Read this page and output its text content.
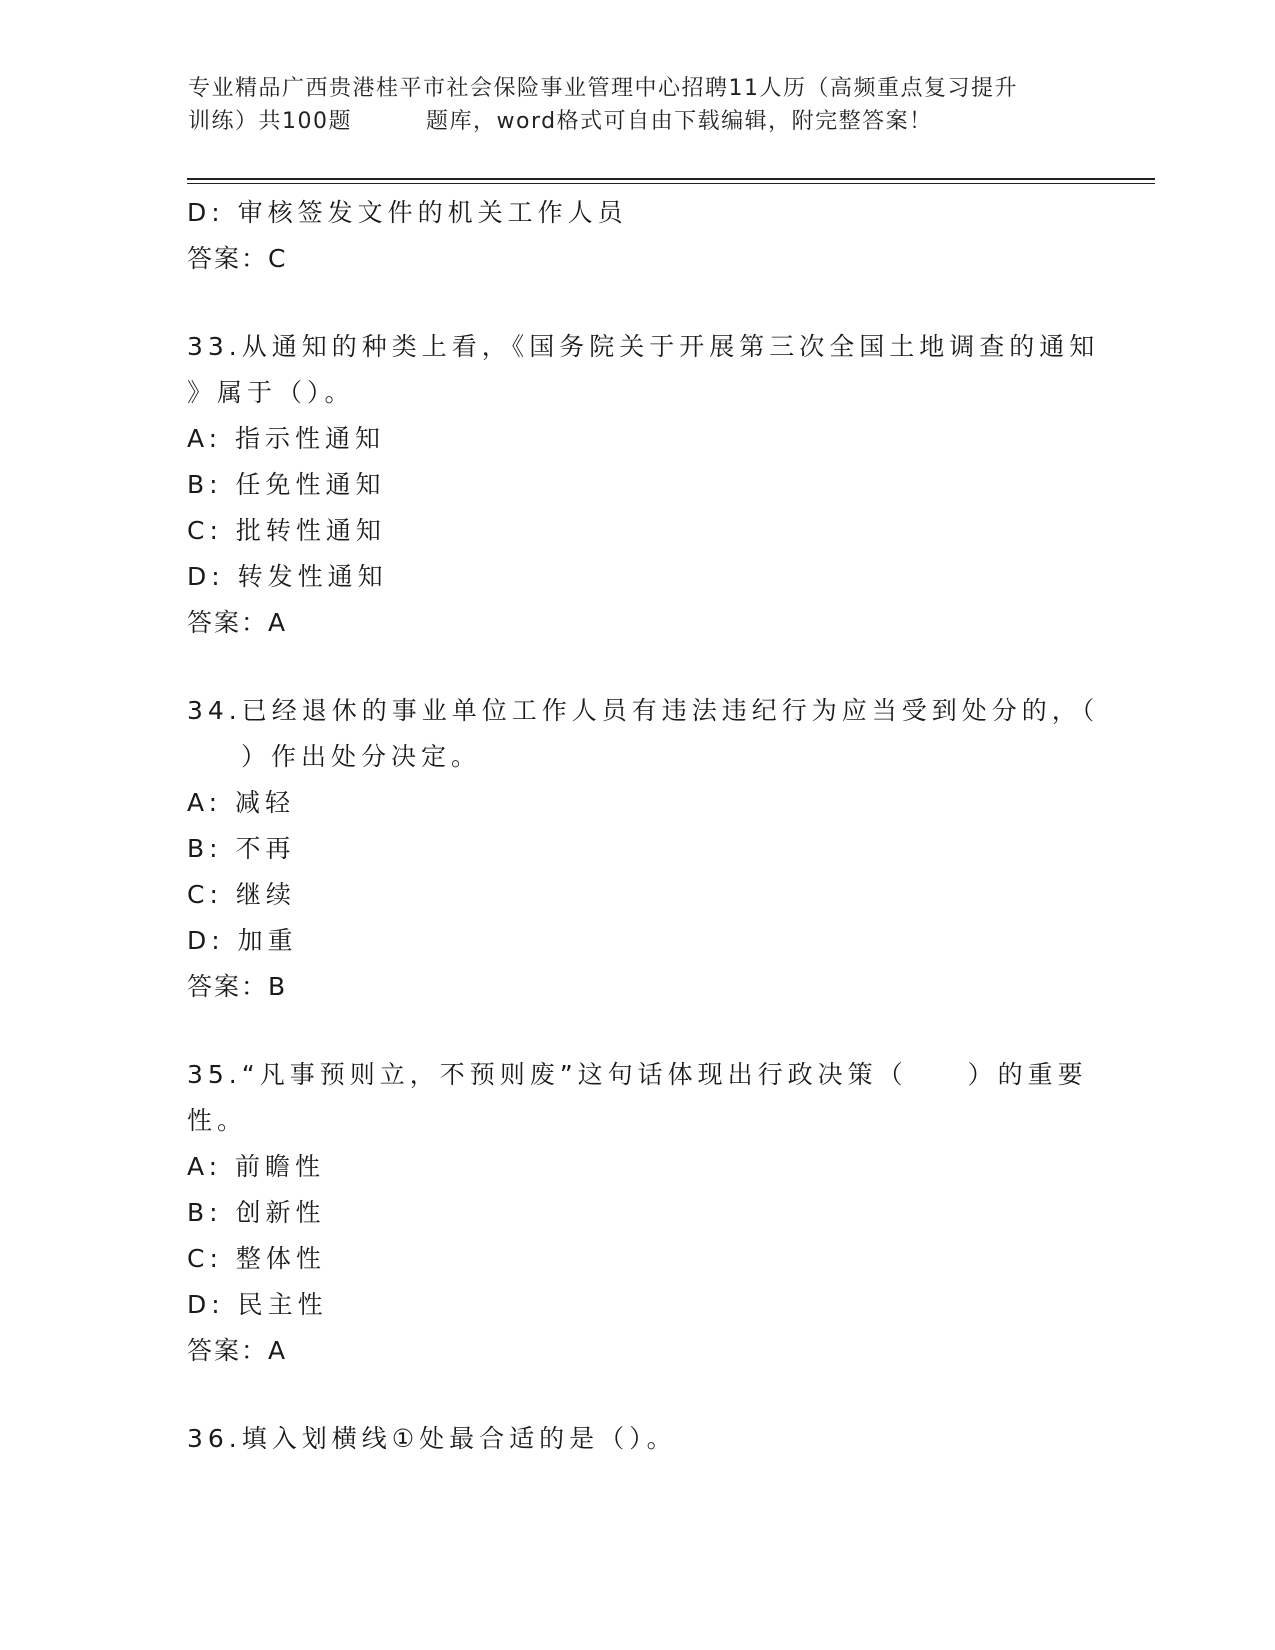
专业精品广西贵港桂平市社会保险事业管理中心招聘11人历（高频重点复习提升
训练）共100题	题库，word格式可自由下载编辑，附完整答案！
D: 审核签发文件的机关工作人员
答案：C
33.从通知的种类上看，《国务院关于开展第三次全国土地调查的通知
》属于（）。
A: 指示性通知
B: 任免性通知
C: 批转性通知
D: 转发性通知
答案：A
34.已经退休的事业单位工作人员有违法违纪行为应当受到处分的，（
）作出处分决定。
A: 减轻
B: 不再
C: 继续
D: 加重
答案：B
35.“凡事预则立，不预则废”这句话体现出行政决策（　　）的重要
性。
A: 前瞻性
B: 创新性
C: 整体性
D: 民主性
答案：A
36.填入划横线①处最合适的是（）。
